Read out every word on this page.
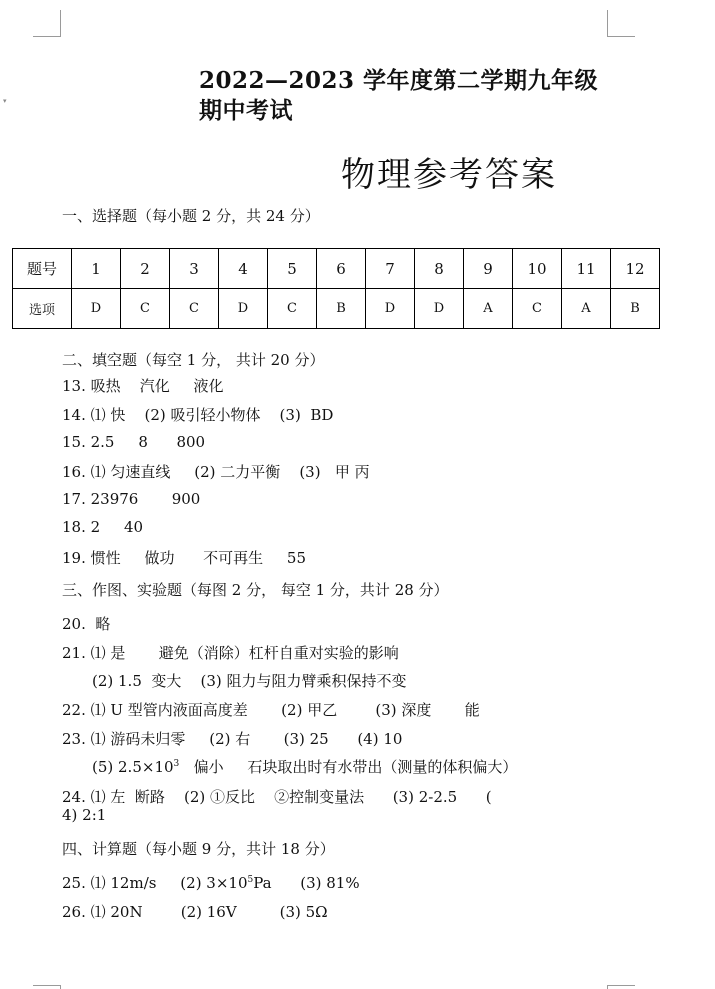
▾
2022—2023 学年度第二学期九年级
期中考试
物理参考答案
一、选择题（每小题 2 分，共 24 分）
题号	1	2	3	4	5	6	7	8	9	10	11	12
选项	D	C	C	D	C	B	D	D	A	C	A	B
二、填空题（每空 1 分， 共计 20 分）
13. 吸热    汽化     液化
14. ⑴ 快    (2) 吸引轻小物体    (3)  BD
15. 2.5     8      800
16. ⑴ 匀速直线     (2) 二力平衡    (3)   甲 丙
17. 23976       900
18. 2     40
19. 惯性     做功      不可再生     55
三、作图、实验题（每图 2 分， 每空 1 分，共计 28 分）
20.  略
21. ⑴ 是       避免（消除）杠杆自重对实验的影响
(2) 1.5  变大    (3) 阻力与阻力臂乘积保持不变
22. ⑴ U 型管内液面高度差       (2) 甲乙        (3) 深度       能
23. ⑴ 游码未归零     (2) 右       (3) 25      (4) 10
(5) $2.5\times 10^3$   偏小     石块取出时有水带出（测量的体积偏大）
24. ⑴ 左  断路    (2) ①反比    ②控制变量法      (3) 2-2.5      (
4) 2:1
四、计算题（每小题 9 分，共计 18 分）
25. ⑴ 12m/s     (2) $3\times 10^5Pa$      (3) 81%
26. ⑴ 20N        (2) 16V         (3) 5Ω
